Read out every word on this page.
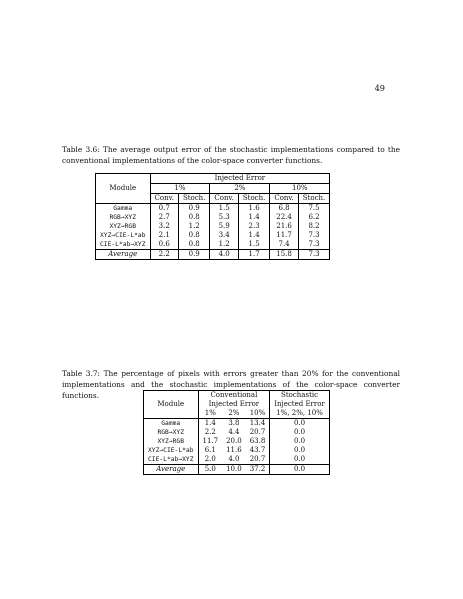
49
Table 3.6: The average output error of the stochastic implementations compared to the conventional implementations of the color-space converter functions.
	Injected Error					
Module	1%		2%		10%	
	Conv.	Stoch.	Conv.	Stoch.	Conv.	Stoch.
Gamma	0.7	0.9	1.5	1.6	6.8	7.5
RGB→XYZ	2.7	0.8	5.3	1.4	22.4	6.2
XYZ→RGB	3.2	1.2	5.9	2.3	21.6	8.2
XYZ→CIE-L*ab	2.1	0.8	3.4	1.4	11.7	7.3
CIE-L*ab→XYZ	0.6	0.8	1.2	1.5	7.4	7.3
Average	2.2	0.9	4.0	1.7	15.8	7.3
Table 3.7: The percentage of pixels with errors greater than 20% for the conventional implementations and the stochastic implementations of the color-space converter functions.
		Conventional			Stochastic
Module	Injected Error			Injected Error
	1%	2%	10%	1%, 2%, 10%
Gamma	1.4	3.8	13.4	0.0
RGB→XYZ	2.2	4.4	20.7	0.0
XYZ→RGB	11.7	20.0	63.8	0.0
XYZ→CIE-L*ab	6.1	11.6	43.7	0.0
CIE-L*ab→XYZ	2.0	4.0	20.7	0.0
Average	5.0	10.0	37.2	0.0
